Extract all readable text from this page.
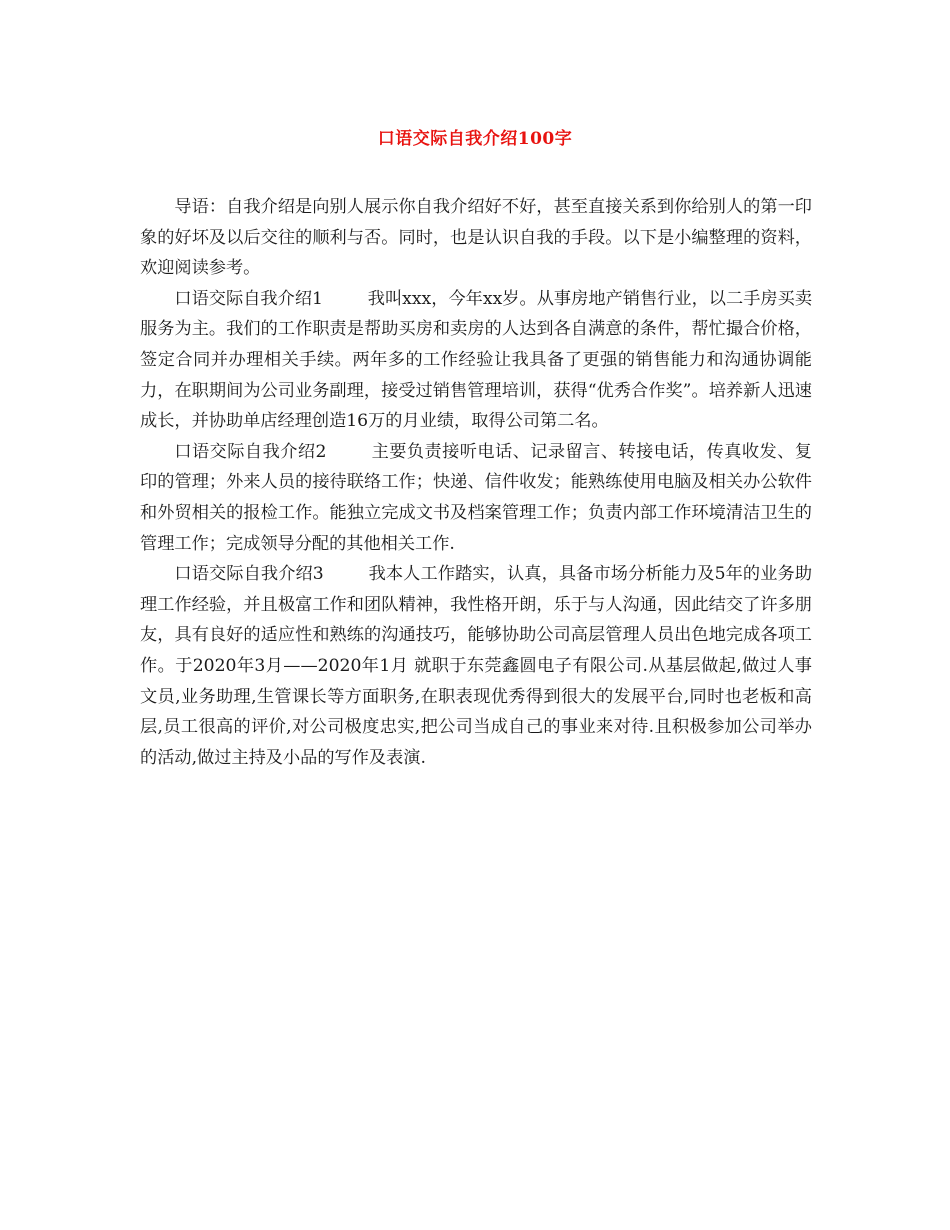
口语交际自我介绍100字

导语：自我介绍是向别人展示你自我介绍好不好，甚至直接关系到你给别人的第一印象的好坏及以后交往的顺利与否。同时，也是认识自我的手段。以下是小编整理的资料，欢迎阅读参考。

口语交际自我介绍1	我叫xxx，今年xx岁。从事房地产销售行业，以二手房买卖服务为主。我们的工作职责是帮助买房和卖房的人达到各自满意的条件，帮忙撮合价格，签定合同并办理相关手续。两年多的工作经验让我具备了更强的销售能力和沟通协调能力，在职期间为公司业务副理，接受过销售管理培训，获得“优秀合作奖”。培养新人迅速成长，并协助单店经理创造16万的月业绩，取得公司第二名。

口语交际自我介绍2	主要负责接听电话、记录留言、转接电话，传真收发、复印的管理；外来人员的接待联络工作；快递、信件收发；能熟练使用电脑及相关办公软件和外贸相关的报检工作。能独立完成文书及档案管理工作；负责内部工作环境清洁卫生的管理工作；完成领导分配的其他相关工作.

口语交际自我介绍3	我本人工作踏实，认真，具备市场分析能力及5年的业务助理工作经验，并且极富工作和团队精神，我性格开朗，乐于与人沟通，因此结交了许多朋友，具有良好的适应性和熟练的沟通技巧，能够协助公司高层管理人员出色地完成各项工作。于2020年3月——2020年1月 就职于东莞鑫圆电子有限公司.从基层做起,做过人事文员,业务助理,生管课长等方面职务,在职表现优秀得到很大的发展平台,同时也老板和高层,员工很高的评价,对公司极度忠实,把公司当成自己的事业来对待.且积极参加公司举办的活动,做过主持及小品的写作及表演.
